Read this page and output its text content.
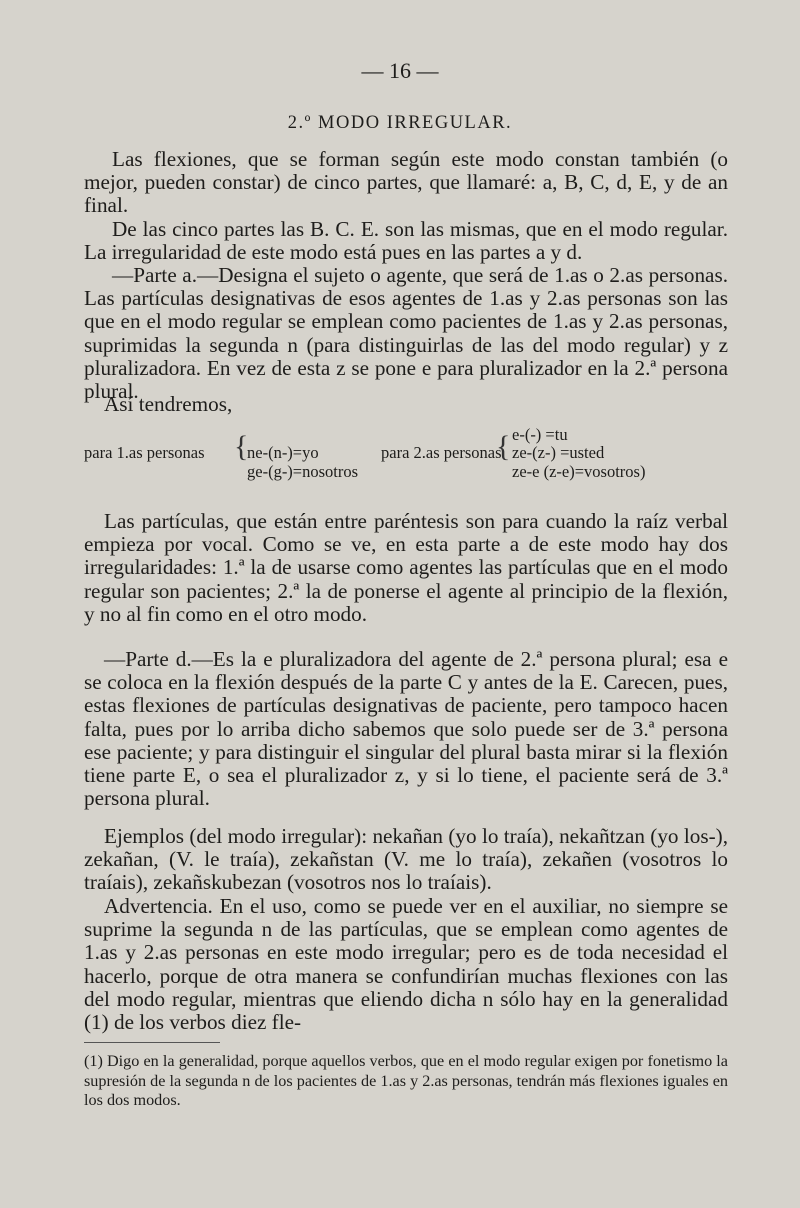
— 16 —
2.º MODO IRREGULAR.

Las flexiones, que se forman según este modo constan también (o mejor, pueden constar) de cinco partes, que llamaré: a, B, C, d, E, y de an final.

De las cinco partes las B. C. E. son las mismas, que en el modo regular. La irregularidad de este modo está pues en las partes a y d.

—Parte a.—Designa el sujeto o agente, que será de 1.as o 2.as personas. Las partículas designativas de esos agentes de 1.as y 2.as personas son las que en el modo regular se emplean como pacientes de 1.as y 2.as personas, suprimidas la segunda n (para distinguirlas de las del modo regular) y z pluralizadora. En vez de esta z se pone e para pluralizador en la 2.ª persona plural.

Así tendremos,

para 1.as personas {
ne-(n-)=yo
ge-(g-)=nosotros
para 2.as personas
{ e-(-) =tu
ze-(z-) =usted
ze-e (z-e)=vosotros)

Las partículas, que están entre paréntesis son para cuando la raíz verbal empieza por vocal. Como se ve, en esta parte a de este modo hay dos irregularidades: 1.ª la de usarse como agentes las partículas que en el modo regular son pacientes; 2.ª la de ponerse el agente al principio de la flexión, y no al fin como en el otro modo.

—Parte d.—Es la e pluralizadora del agente de 2.ª persona plural; esa e se coloca en la flexión después de la parte C y antes de la E. Carecen, pues, estas flexiones de partículas designativas de paciente, pero tampoco hacen falta, pues por lo arriba dicho sabemos que solo puede ser de 3.ª persona ese paciente; y para distinguir el singular del plural basta mirar si la flexión tiene parte E, o sea el pluralizador z, y si lo tiene, el paciente será de 3.ª persona plural.

Ejemplos (del modo irregular): nekañan (yo lo traía), nekañtzan (yo los-), zekañan, (V. le traía), zekañstan (V. me lo traía), zekañen (vosotros lo traíais), zekañskubezan (vosotros nos lo traíais).

Advertencia. En el uso, como se puede ver en el auxiliar, no siempre se suprime la segunda n de las partículas, que se emplean como agentes de 1.as y 2.as personas en este modo irregular; pero es de toda necesidad el hacerlo, porque de otra manera se confundirían muchas flexiones con las del modo regular, mientras que eliendo dicha n sólo hay en la generalidad (1) de los verbos diez fle-

(1) Digo en la generalidad, porque aquellos verbos, que en el modo regular exigen por fonetismo la supresión de la segunda n de los pacientes de 1.as y 2.as personas, tendrán más flexiones iguales en los dos modos.
